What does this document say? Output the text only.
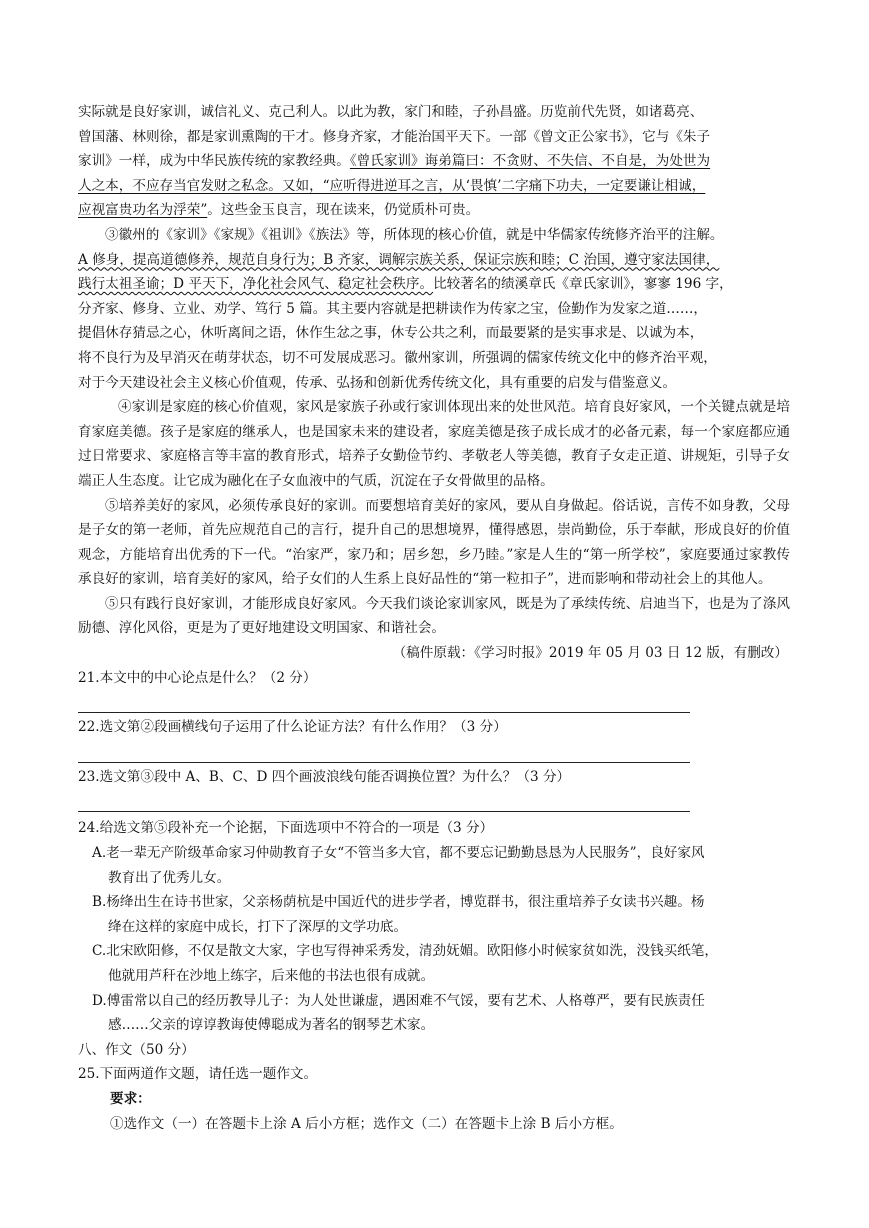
实际就是良好家训，诚信礼义、克己利人。以此为教，家门和睦，子孙昌盛。历览前代先贤，如诸葛亮、

曾国藩、林则徐，都是家训熏陶的干才。修身齐家，才能治国平天下。一部《曾文正公家书》，它与《朱子

家训》一样，成为中华民族传统的家教经典。《曾氏家训》诲弟篇曰：不贪财、不失信、不自是，为处世为

人之本，不应存当官发财之私念。又如，“应听得进逆耳之言，从‘畏慎’二字痛下功夫，一定要谦让相诚，

应视富贵功名为浮荣”。这些金玉良言，现在读来，仍觉质朴可贵。

③徽州的《家训》《家规》《祖训》《族法》等，所体现的核心价值，就是中华儒家传统修齐治平的注解。

A 修身，提高道德修养，规范自身行为；B 齐家，调解宗族关系，保证宗族和睦；C 治国，遵守家法国律，

践行太祖圣谕；D 平天下，净化社会风气、稳定社会秩序。比较著名的绩溪章氏《章氏家训》，寥寥 196 字，

分齐家、修身、立业、劝学、笃行 5 篇。其主要内容就是把耕读作为传家之宝，俭勤作为发家之道……，

提倡休存猜忌之心，休听离间之语，休作生忿之事，休专公共之利，而最要紧的是实事求是、以诚为本，

将不良行为及早消灭在萌芽状态，切不可发展成恶习。徽州家训，所强调的儒家传统文化中的修齐治平观，

对于今天建设社会主义核心价值观，传承、弘扬和创新优秀传统文化，具有重要的启发与借鉴意义。

④家训是家庭的核心价值观，家风是家族子孙或行家训体现出来的处世风范。培育良好家风，一个关键点就是培育家庭美德。孩子是家庭的继承人，也是国家未来的建设者，家庭美德是孩子成长成才的必备元素，每一个家庭都应通过日常要求、家庭格言等丰富的教育形式，培养子女勤俭节约、孝敬老人等美德，教育子女走正道、讲规矩，引导子女端正人生态度。让它成为融化在子女血液中的气质，沉淀在子女骨做里的品格。

⑤培养美好的家风，必须传承良好的家训。而要想培育美好的家风，要从自身做起。俗话说，言传不如身教，父母是子女的第一老师，首先应规范自己的言行，提升自己的思想境界，懂得感恩，崇尚勤俭，乐于奉献，形成良好的价值观念，方能培育出优秀的下一代。“治家严，家乃和；居乡恕，乡乃睦。”家是人生的“第一所学校”，家庭要通过家教传承良好的家训，培育美好的家风，给子女们的人生系上良好品性的“第一粒扣子”，进而影响和带动社会上的其他人。

⑤只有践行良好家训，才能形成良好家风。今天我们谈论家训家风，既是为了承续传统、启迪当下，也是为了涤风励德、淳化风俗，更是为了更好地建设文明国家、和谐社会。

（稿件原载：《学习时报》2019 年 05 月 03 日 12 版，有删改）

21.本文中的中心论点是什么？（2 分）
22.选文第②段画横线句子运用了什么论证方法？有什么作用？（3 分）
23.选文第③段中 A、B、C、D 四个画波浪线句能否调换位置？为什么？（3 分）
24.给选文第⑤段补充一个论据，下面选项中不符合的一项是（3 分）

A.老一辈无产阶级革命家习仲勋教育子女“不管当多大官，都不要忘记勤勤恳恳为人民服务”，良好家风

教育出了优秀儿女。

B.杨绛出生在诗书世家，父亲杨荫杭是中国近代的进步学者，博览群书，很注重培养子女读书兴趣。杨

绛在这样的家庭中成长，打下了深厚的文学功底。

C.北宋欧阳修，不仅是散文大家，字也写得神采秀发，清劲妩媚。欧阳修小时候家贫如洗，没钱买纸笔，

他就用芦秆在沙地上练字，后来他的书法也很有成就。

D.傅雷常以自己的经历教导儿子：为人处世谦虚，遇困难不气馁，要有艺术、人格尊严，要有民族责任

感……父亲的谆谆教诲使傅聪成为著名的钢琴艺术家。

八、作文（50 分）
25.下面两道作文题，请任选一题作文。
要求：
①选作文（一）在答题卡上涂 A 后小方框；选作文（二）在答题卡上涂 B 后小方框。
